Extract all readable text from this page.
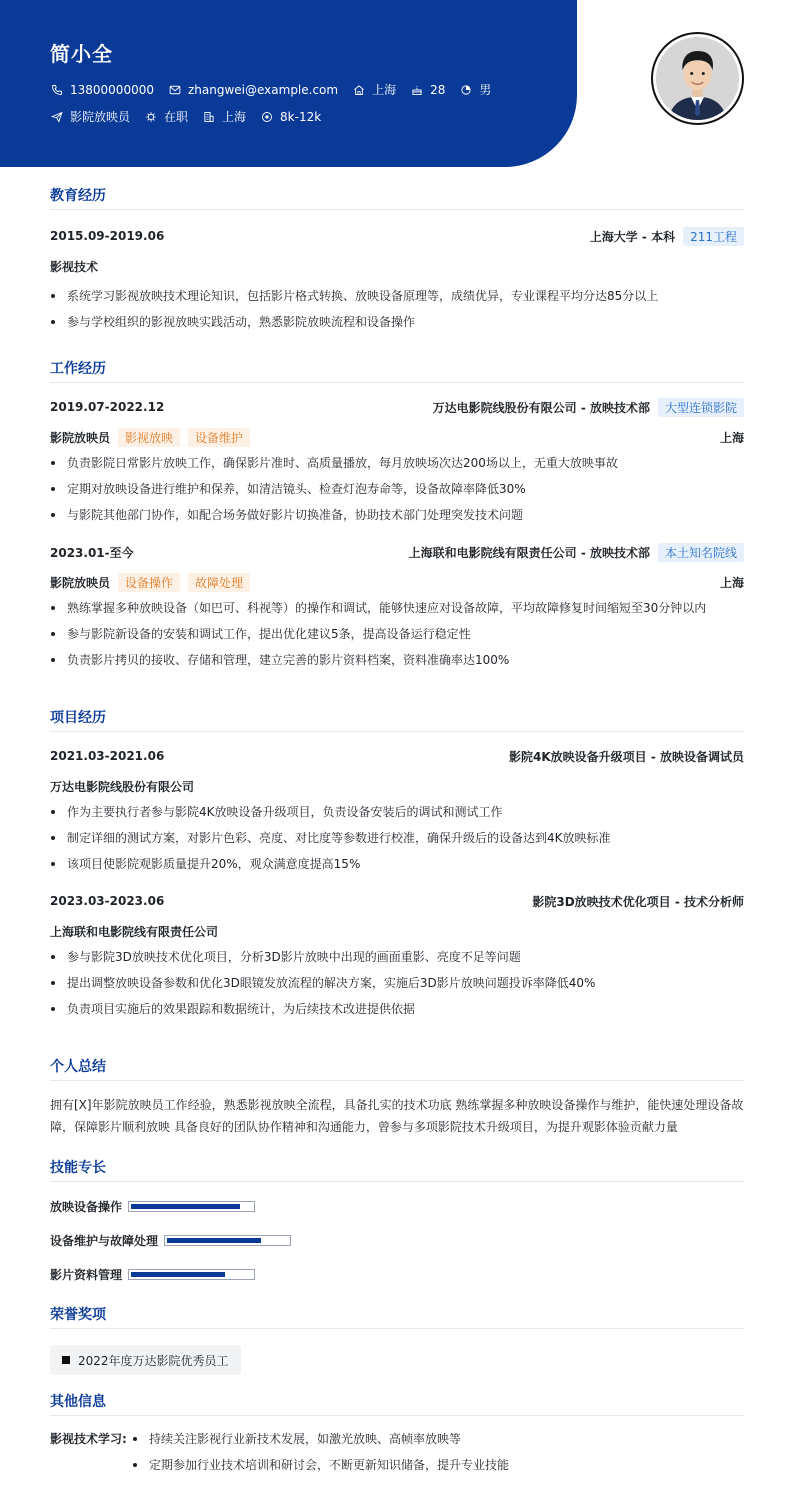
简小全
13800000000	zhangwei@example.com	上海	28	男
影院放映员	在职	上海	8k-12k
教育经历
2015.09-2019.06	上海大学 - 本科	211工程
影视技术
系统学习影视放映技术理论知识，包括影片格式转换、放映设备原理等，成绩优异，专业课程平均分达85分以上
参与学校组织的影视放映实践活动，熟悉影院放映流程和设备操作
工作经历
2019.07-2022.12	万达电影院线股份有限公司 - 放映技术部	大型连锁影院
影院放映员	影视放映	设备维护	上海
负责影院日常影片放映工作，确保影片准时、高质量播放，每月放映场次达200场以上，无重大放映事故
定期对放映设备进行维护和保养，如清洁镜头、检查灯泡寿命等，设备故障率降低30%
与影院其他部门协作，如配合场务做好影片切换准备，协助技术部门处理突发技术问题
2023.01-至今	上海联和电影院线有限责任公司 - 放映技术部	本土知名院线
影院放映员	设备操作	故障处理	上海
熟练掌握多种放映设备（如巴可、科视等）的操作和调试，能够快速应对设备故障，平均故障修复时间缩短至30分钟以内
参与影院新设备的安装和调试工作，提出优化建议5条，提高设备运行稳定性
负责影片拷贝的接收、存储和管理，建立完善的影片资料档案，资料准确率达100%
项目经历
2021.03-2021.06	影院4K放映设备升级项目 - 放映设备调试员
万达电影院线股份有限公司
作为主要执行者参与影院4K放映设备升级项目，负责设备安装后的调试和测试工作
制定详细的测试方案，对影片色彩、亮度、对比度等参数进行校准，确保升级后的设备达到4K放映标准
该项目使影院观影质量提升20%，观众满意度提高15%
2023.03-2023.06	影院3D放映技术优化项目 - 技术分析师
上海联和电影院线有限责任公司
参与影院3D放映技术优化项目，分析3D影片放映中出现的画面重影、亮度不足等问题
提出调整放映设备参数和优化3D眼镜发放流程的解决方案，实施后3D影片放映问题投诉率降低40%
负责项目实施后的效果跟踪和数据统计，为后续技术改进提供依据
个人总结
拥有[X]年影院放映员工作经验，熟悉影视放映全流程，具备扎实的技术功底 熟练掌握多种放映设备操作与维护，能快速处理设备故障，保障影片顺利放映 具备良好的团队协作精神和沟通能力，曾参与多项影院技术升级项目，为提升观影体验贡献力量
技能专长
放映设备操作
设备维护与故障处理
影片资料管理
荣誉奖项
2022年度万达影院优秀员工
其他信息
影视技术学习:	持续关注影视行业新技术发展，如激光放映、高帧率放映等
定期参加行业技术培训和研讨会，不断更新知识储备，提升专业技能
